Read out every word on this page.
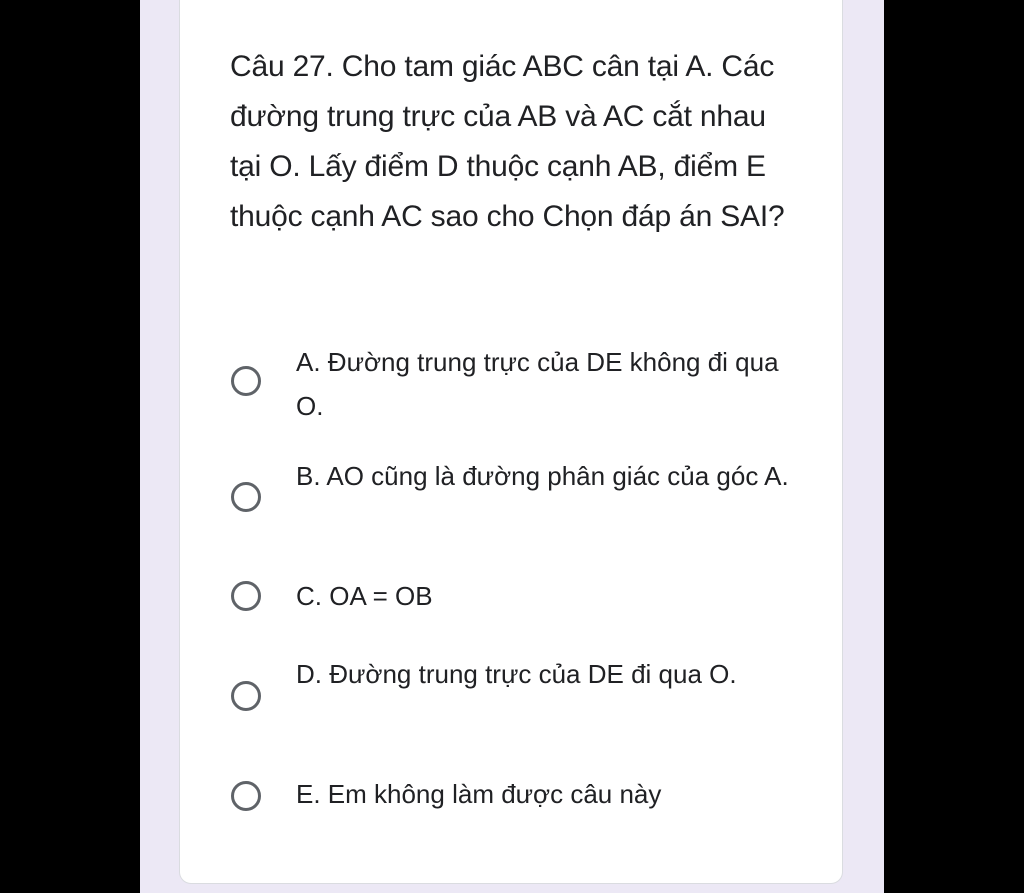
Câu 27. Cho tam giác ABC cân tại A. Các đường trung trực của AB và AC cắt nhau tại O. Lấy điểm D thuộc cạnh AB, điểm E thuộc cạnh AC sao cho Chọn đáp án SAI?

A. Đường trung trực của DE không đi qua O.
B. AO cũng là đường phân giác của góc A.
C. OA = OB
D. Đường trung trực của DE đi qua O.
E. Em không làm được câu này
